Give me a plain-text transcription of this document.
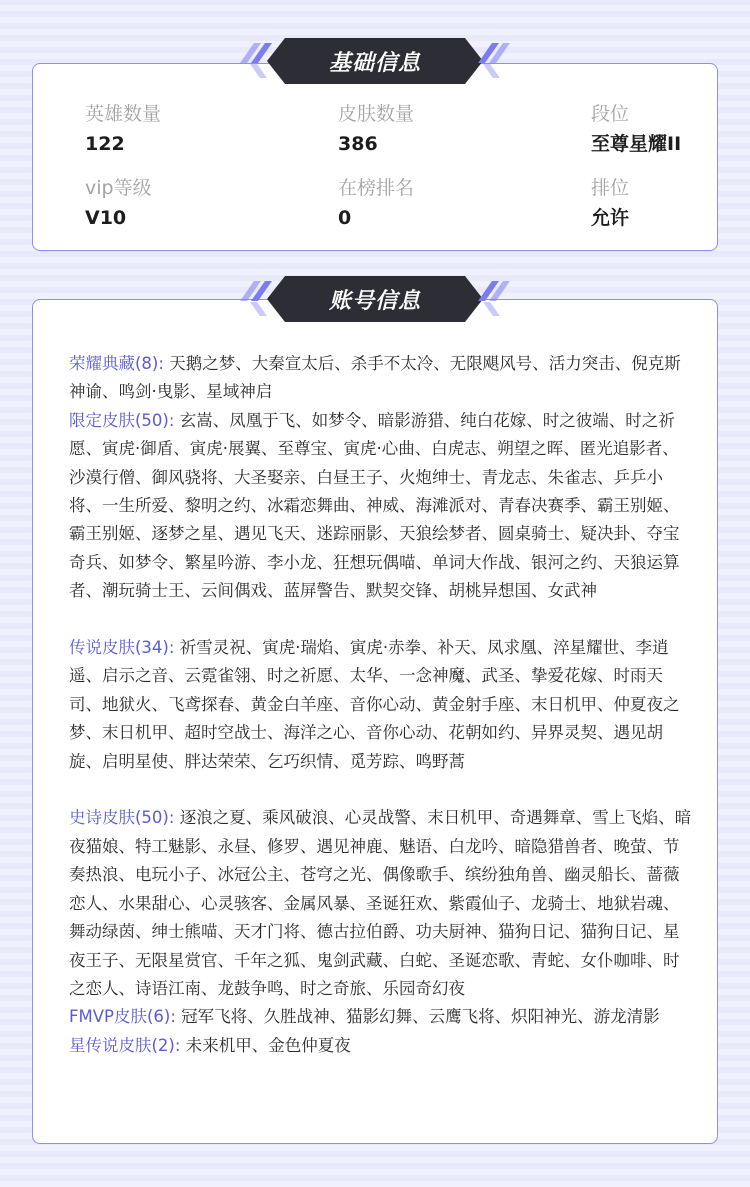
基础信息
英雄数量
122
皮肤数量
386
段位
至尊星耀II
vip等级
V10
在榜排名
0
排位
允许
账号信息
荣耀典藏(8): 天鹅之梦、大秦宣太后、杀手不太冷、无限飓风号、活力突击、倪克斯神谕、鸣剑·曳影、星域神启
限定皮肤(50): 玄嵩、凤凰于飞、如梦令、暗影游猎、纯白花嫁、时之彼端、时之祈愿、寅虎·御盾、寅虎·展翼、至尊宝、寅虎·心曲、白虎志、朔望之晖、匿光追影者、沙漠行僧、御风骁将、大圣娶亲、白昼王子、火炮绅士、青龙志、朱雀志、乒乒小将、一生所爱、黎明之约、冰霜恋舞曲、神威、海滩派对、青春决赛季、霸王别姬、霸王别姬、逐梦之星、遇见飞天、迷踪丽影、天狼绘梦者、圆桌骑士、疑决卦、夺宝奇兵、如梦令、繁星吟游、李小龙、狂想玩偶喵、单词大作战、银河之约、天狼运算者、潮玩骑士王、云间偶戏、蓝屏警告、默契交锋、胡桃异想国、女武神
传说皮肤(34): 祈雪灵祝、寅虎·瑞焰、寅虎·赤拳、补天、凤求凰、淬星耀世、李逍遥、启示之音、云霓雀翎、时之祈愿、太华、一念神魔、武圣、挚爱花嫁、时雨天司、地狱火、飞鸢探春、黄金白羊座、音你心动、黄金射手座、末日机甲、仲夏夜之梦、末日机甲、超时空战士、海洋之心、音你心动、花朝如约、异界灵契、遇见胡旋、启明星使、胖达荣荣、乞巧织情、觅芳踪、鸣野蒿
史诗皮肤(50): 逐浪之夏、乘风破浪、心灵战警、末日机甲、奇遇舞章、雪上飞焰、暗夜猫娘、特工魅影、永昼、修罗、遇见神鹿、魅语、白龙吟、暗隐猎兽者、晚萤、节奏热浪、电玩小子、冰冠公主、苍穹之光、偶像歌手、缤纷独角兽、幽灵船长、蔷薇恋人、水果甜心、心灵骇客、金属风暴、圣诞狂欢、紫霞仙子、龙骑士、地狱岩魂、舞动绿茵、绅士熊喵、天才门将、德古拉伯爵、功夫厨神、猫狗日记、猫狗日记、星夜王子、无限星赏官、千年之狐、鬼剑武藏、白蛇、圣诞恋歌、青蛇、女仆咖啡、时之恋人、诗语江南、龙鼓争鸣、时之奇旅、乐园奇幻夜
FMVP皮肤(6): 冠军飞将、久胜战神、猫影幻舞、云鹰飞将、炽阳神光、游龙清影
星传说皮肤(2): 未来机甲、金色仲夏夜
